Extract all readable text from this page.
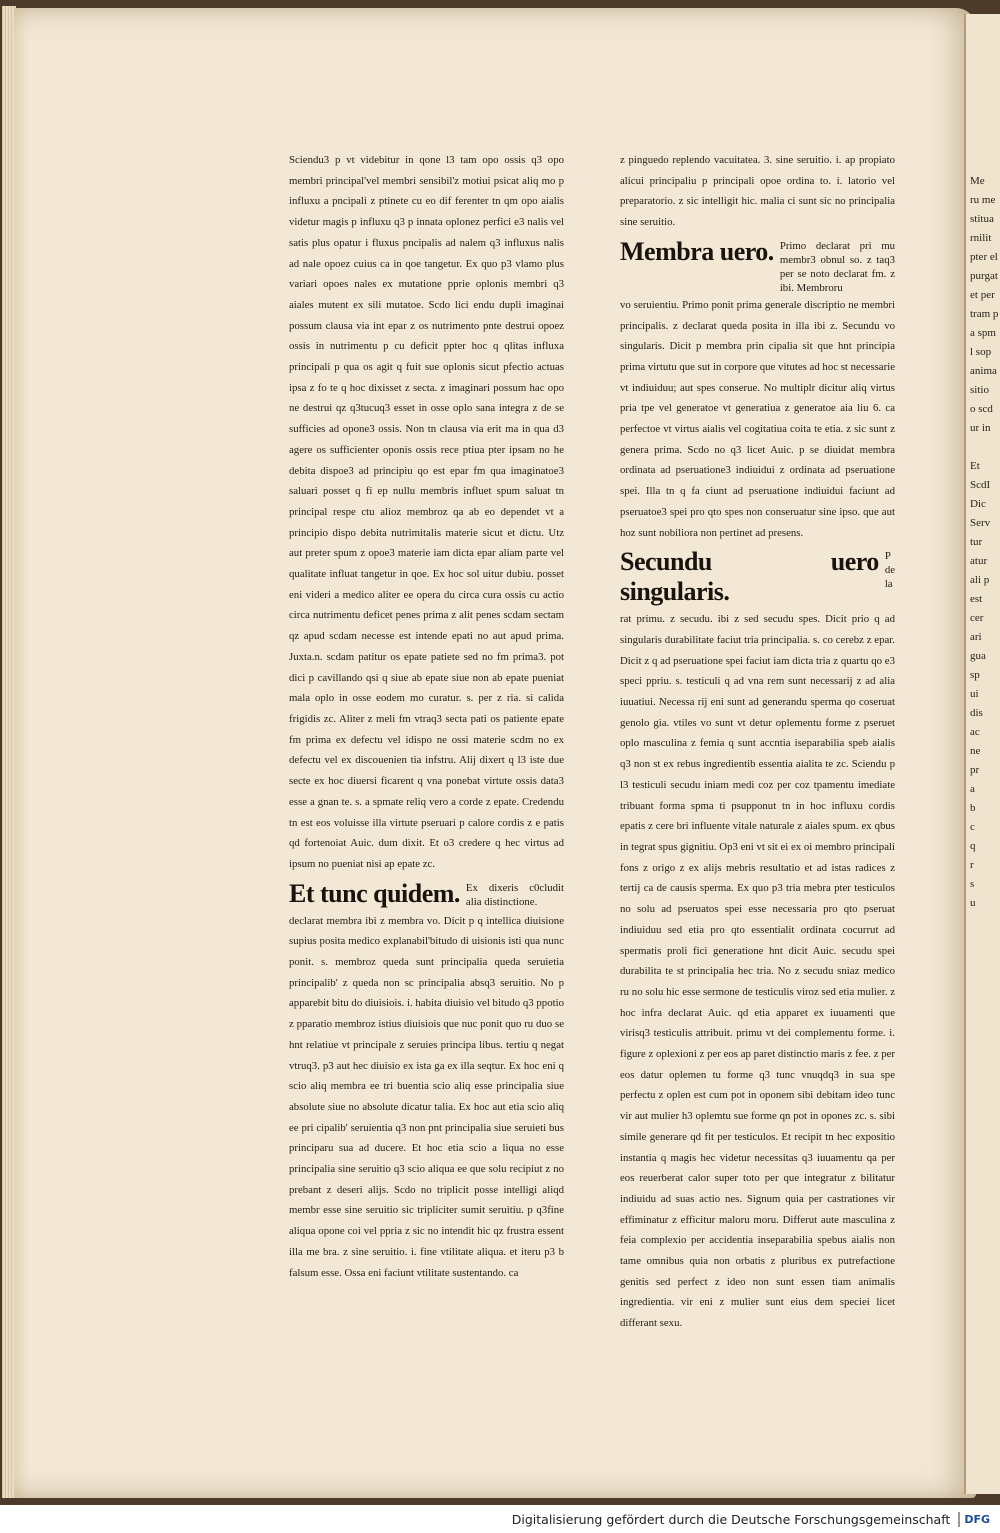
Me
ru me
stitua
rnilit
pter el
purgat
et per
tram p
a spm
l sop
anima
sitio
o scd
ur in
Et
ScdI
Dic
Serv
tur
atur
ali p
est
cer
ari
gua
sp
ui
dis
ac
ne
pr
a
b
c
q
r
s
u

Sciendu3 p vt videbitur in qone l3 tam opo ossis q3 opo membri principal'vel membri sensibil'z motiui psicat aliq mo p influxu a pncipali z ptinete cu eo dif ferenter tn qm opo aialis videtur magis p influxu q3 p innata oplonez perfici e3 nalis vel satis plus opatur i fluxus pncipalis ad nalem q3 influxus nalis ad nale opoez cuius ca in qoe tangetur. Ex quo p3 vlamo plus variari opoes nales ex mutatione pprie oplonis membri q3 aiales mutent ex sili mutatoe. Scdo lici endu dupli imaginai possum clausa via int epar z os nutrimento pnte destrui opoez ossis in nutrimentu p cu deficit ppter hoc q qlitas influxa principali p qua os agit q fuit sue oplonis sicut pfectio actuas ipsa z fo te q hoc dixisset z secta. z imaginari possum hac opo ne destrui qz q3tucuq3 esset in osse oplo sana integra z de se sufficies ad opone3 ossis. Non tn clausa via erit ma in qua d3 agere os sufficienter oponis ossis rece ptiua pter ipsam no he debita dispoe3 ad principiu qo est epar fm qua imaginatoe3 saluari posset q fi ep nullu membris influet spum saluat tn principal respe ctu alioz membroz qa ab eo dependet vt a principio dispo debita nutrimitalis materie sicut et dictu. Utz aut preter spum z opoe3 materie iam dicta epar aliam parte vel qualitate influat tangetur in qoe. Ex hoc sol uitur dubiu. posset eni videri a medico aliter ee opera du circa cura ossis cu actio circa nutrimentu deficet penes prima z alit penes scdam sectam qz apud scdam necesse est intende epati no aut apud prima. Juxta.n. scdam patitur os epate patiete sed no fm prima3. pot dici p cavillando qsi q siue ab epate siue non ab epate pueniat mala oplo in osse eodem mo curatur. s. per z ria. si calida frigidis zc. Aliter z meli fm vtraq3 secta pati os patiente epate fm prima ex defectu vel idispo ne ossi materie scdm no ex defectu vel ex discouenien tia infstru. Alij dixert q l3 iste due secte ex hoc diuersi ficarent q vna ponebat virtute ossis data3 esse a gnan te. s. a spmate reliq vero a corde z epate. Credendu tn est eos voluisse illa virtute pseruari p calore cordis z e patis qd fortenoiat Auic. dum dixit. Et o3 credere q hec virtus ad ipsum no pueniat nisi ap epate zc.

Et tunc quidem. Ex dixeris c0cludit alia distinctione.

declarat membra ibi z membra vo. Dicit p q intellica diuisione supius posita medico explanabil'bitudo di uisionis isti qua nunc ponit. s. membroz queda sunt principalia queda seruietia principalib' z queda non sc principalia absq3 seruitio. No p apparebit bitu do diuisiois. i. habita diuisio vel bitudo q3 ppotio z pparatio membroz istius diuisiois que nuc ponit quo ru duo se hnt relatiue vt principale z seruies principa libus. tertiu q negat vtruq3. p3 aut hec diuisio ex ista ga ex illa seqtur. Ex hoc eni q scio aliq membra ee tri buentia scio aliq esse principalia siue absolute siue no absolute dicatur talia. Ex hoc aut etia scio aliq ee pri cipalib' seruientia q3 non pnt principalia siue seruieti bus principaru sua ad ducere. Et hoc etia scio a liqua no esse principalia sine seruitio q3 scio aliqua ee que solu recipiut z no prebant z deseri alijs. Scdo no triplicit posse intelligi aliqd membr esse sine seruitio sic tripliciter sumit seruitiu. p q3fine aliqua opone coi vel ppria z sic no intendit hic qz frustra essent illa me bra. z sine seruitio. i. fine vtilitate aliqua. et iteru p3 b falsum esse. Ossa eni faciunt vtilitate sustentando. ca

z pinguedo replendo vacuitatea. 3. sine seruitio. i. ap propiato alicui principaliu p principali opoe ordina to. i. latorio vel preparatorio. z sic intelligit hic. malia ci sunt sic no principalia sine seruitio.

Membra uero. Primo declarat pri mu membr3 obnul so. z taq3 per se noto declarat fm. z ibi. Membroru

vo seruientiu. Primo ponit prima generale discriptio ne membri principalis. z declarat queda posita in illa ibi z. Secundu vo singularis. Dicit p membra prin cipalia sit que hnt principia prima virtutu que sut in corpore que vitutes ad hoc st necessarie vt indiuiduu; aut spes conserue. No multiplr dicitur aliq virtus pria tpe vel generatoe vt generatiua z generatoe aia liu 6. ca perfectoe vt virtus aialis vel cogitatiua coita te etia. z sic sunt z genera prima. Scdo no q3 licet Auic. p se diuidat membra ordinata ad pseruatione3 indiuidui z ordinata ad pseruatione spei. Illa tn q fa ciunt ad pseruatione indiuidui faciunt ad pseruatoe3 spei pro qto spes non conseruatur sine ipso. que aut hoz sunt nobiliora non pertinet ad presens.

Secundu uero singularis.
P de la

rat primu. z secudu. ibi z sed secudu spes. Dicit prio q ad singularis durabilitate faciut tria principalia. s. co cerebz z epar. Dicit z q ad pseruatione spei faciut iam dicta tria z quartu qo e3 speci ppriu. s. testiculi q ad vna rem sunt necessarij z ad alia iuuatiui. Necessa rij eni sunt ad generandu sperma qo coseruat genolo gia. vtiles vo sunt vt detur oplementu forme z pseruet oplo masculina z femia q sunt accntia iseparabilia speb aialis q3 non st ex rebus ingredientib essentia aialita te zc. Sciendu p l3 testiculi secudu iniam medi coz per coz tpamentu imediate tribuant forma spma ti psupponut tn in hoc influxu cordis epatis z cere bri influente vitale naturale z aiales spum. ex qbus in tegrat spus gignitiu. Op3 eni vt sit ei ex oi membro principali fons z origo z ex alijs mebris resultatio et ad istas radices z tertij ca de causis sperma. Ex quo p3 tria mebra pter testiculos no solu ad pseruatos spei esse necessaria pro qto pseruat indiuiduu sed etia pro qto essentialit ordinata cocurrut ad spermatis proli fici generatione hnt dicit Auic. secudu spei durabilita te st principalia hec tria. No z secudu sniaz medico ru no solu hic esse sermone de testiculis viroz sed etia mulier. z hoc infra declarat Auic. qd etia apparet ex iuuamenti que virisq3 testiculis attribuit. primu vt dei complementu forme. i. figure z oplexioni z per eos ap paret distinctio maris z fee. z per eos datur oplemen tu forme q3 tunc vnuqdq3 in sua spe perfectu z oplen est cum pot in oponem sibi debitam ideo tunc vir aut mulier h3 oplemtu sue forme qn pot in opones zc. s. sibi simile generare qd fit per testiculos. Et recipit tn hec expositio instantia q magis hec videtur necessitas q3 iuuamentu qa per eos reuerberat calor super toto per que integratur z bilitatur indiuidu ad suas actio nes. Signum quia per castrationes vir effiminatur z efficitur maloru moru. Differut aute masculina z feia complexio per accidentia inseparabilia spebus aialis non tame omnibus quia non orbatis z pluribus ex putrefactione genitis sed perfect z ideo non sunt essen tiam animalis ingredientia. vir eni z mulier sunt eius dem speciei licet differant sexu.

Digitalisierung gefördert durch die Deutsche Forschungsgemeinschaft	DFG
